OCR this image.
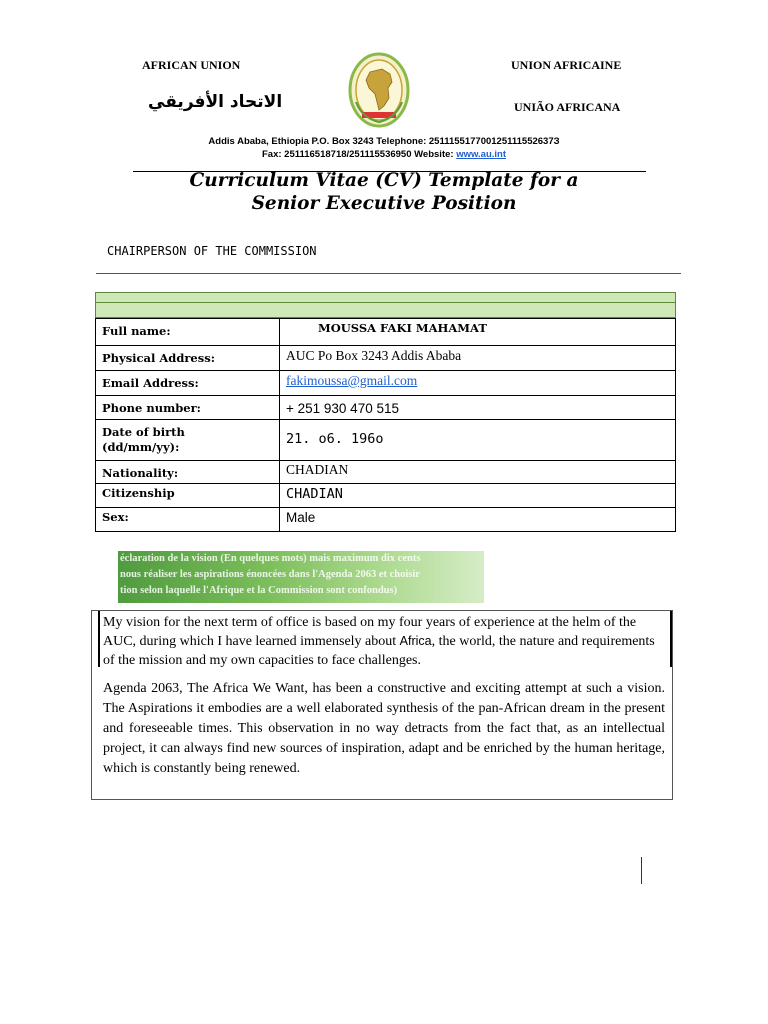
AFRICAN UNION	UNION AFRICAINE
الاتحاد الأفريقي	UNIÃO AFRICANA
Addis Ababa, Ethiopia P.O. Box 3243 Telephone: 251115517700125111552637З
Fax: 251116518718/251115536950 Website: www.au.int
Curriculum Vitae (CV) Template for a
Senior Executive Position
CHAIRPERSON OF THE COMMISSION
Full name:	MOUSSA FAKI MAHAMAT

Physical Address:	AUC Po Box 3243 Addis Ababa
Email Address:	fakimoussa@gmail.com
Phone number:	+ 251 930 470 515

Date of birth
(dd/mm/yy):	21. o6. 196o
Nationality:	CHADIAN
Citizenship	CHADIAN
Sex:	Male
éclaration de la vision (En quelques mots) mais maximum dix cents
nous réaliser les aspirations énoncées dans l'Agenda 2063 et choisir
tion selon laquelle l'Afrique et la Commission sont confondus)
My vision for the next term of office is based on my four years of experience at the helm of the AUC, during which I have learned immensely about Africa, the world, the nature and requirements of the mission and my own capacities to face challenges.
Agenda 2063, The Africa We Want, has been a constructive and exciting attempt at such a vision. The Aspirations it embodies are a well elaborated synthesis of the pan-African dream in the present and foreseeable times. This observation in no way detracts from the fact that, as an intellectual project, it can always find new sources of inspiration, adapt and be enriched by the human heritage, which is constantly being renewed.
